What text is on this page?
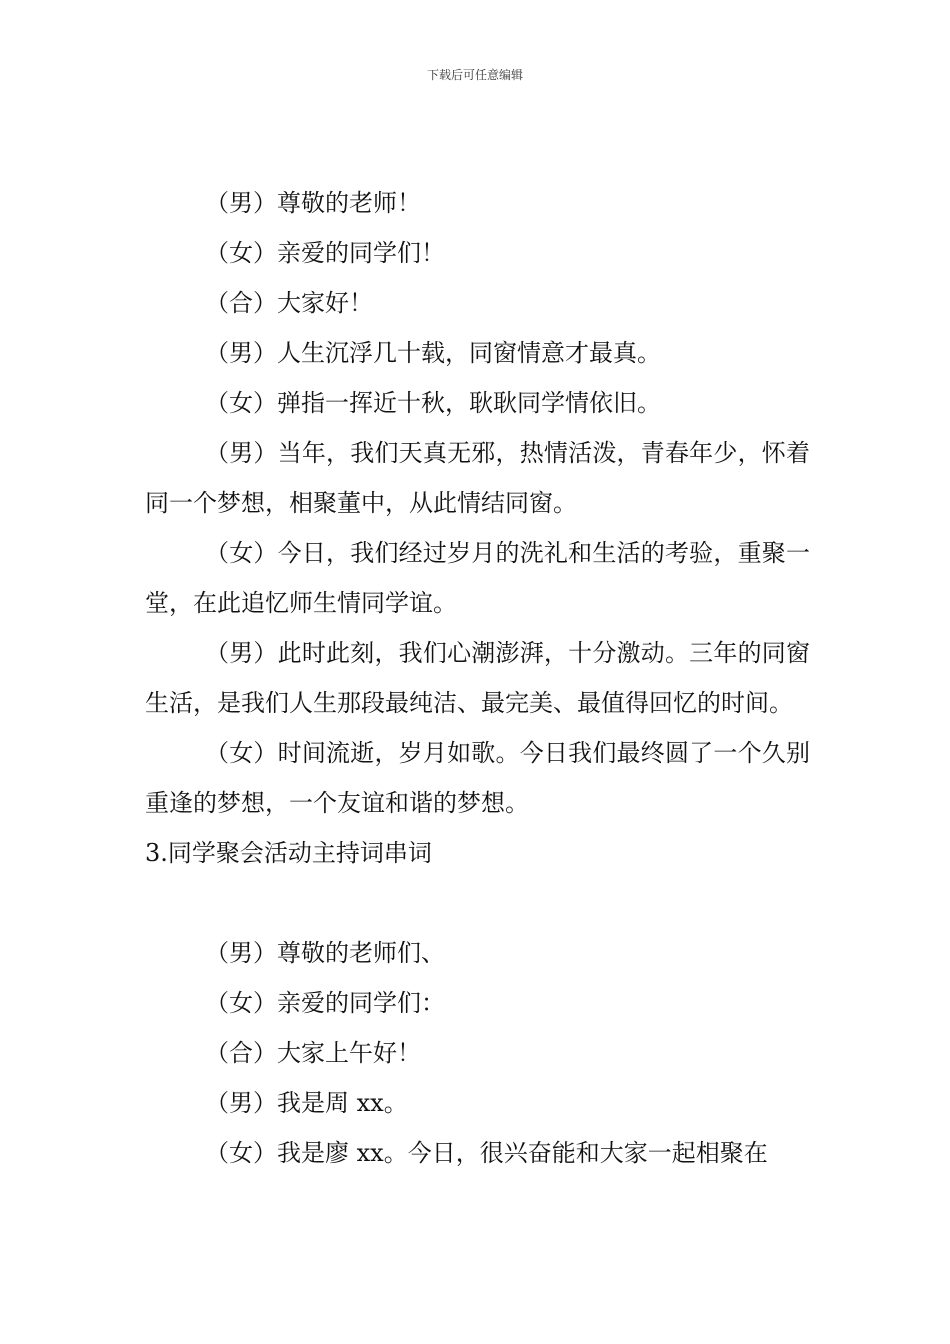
下载后可任意编辑

（男）尊敬的老师！

（女）亲爱的同学们！

（合）大家好！

（男）人生沉浮几十载，同窗情意才最真。

（女）弹指一挥近十秋，耿耿同学情依旧。

（男）当年，我们天真无邪，热情活泼，青春年少，怀着同一个梦想，相聚董中，从此情结同窗。

（女）今日，我们经过岁月的洗礼和生活的考验，重聚一堂，在此追忆师生情同学谊。

（男）此时此刻，我们心潮澎湃，十分激动。三年的同窗生活，是我们人生那段最纯洁、最完美、最值得回忆的时间。

（女）时间流逝，岁月如歌。今日我们最终圆了一个久别重逢的梦想，一个友谊和谐的梦想。

3.同学聚会活动主持词串词

（男）尊敬的老师们、

（女）亲爱的同学们：

（合）大家上午好！

（男）我是周 xx。

（女）我是廖 xx。今日，很兴奋能和大家一起相聚在
